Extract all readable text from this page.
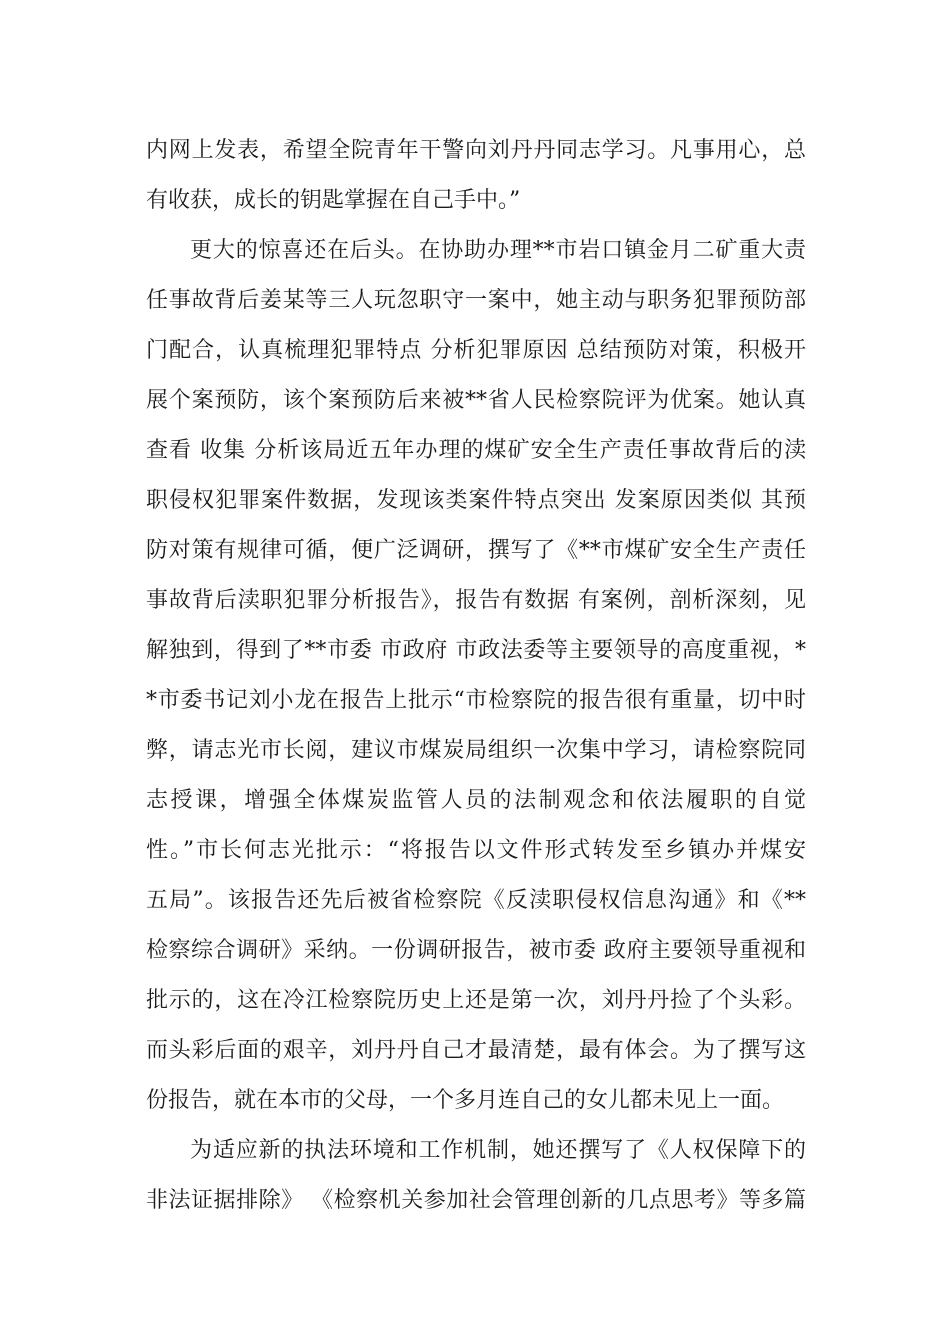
内网上发表，希望全院青年干警向刘丹丹同志学习。凡事用心，总
有收获，成长的钥匙掌握在自己手中。”
更大的惊喜还在后头。在协助办理**市岩口镇金月二矿重大责
任事故背后姜某等三人玩忽职守一案中，她主动与职务犯罪预防部
门配合，认真梳理犯罪特点 分析犯罪原因 总结预防对策，积极开
展个案预防，该个案预防后来被**省人民检察院评为优案。她认真
查看 收集 分析该局近五年办理的煤矿安全生产责任事故背后的渎
职侵权犯罪案件数据，发现该类案件特点突出 发案原因类似 其预
防对策有规律可循，便广泛调研，撰写了《**市煤矿安全生产责任
事故背后渎职犯罪分析报告》，报告有数据 有案例，剖析深刻，见
解独到，得到了**市委 市政府 市政法委等主要领导的高度重视，*
*市委书记刘小龙在报告上批示“市检察院的报告很有重量，切中时
弊，请志光市长阅，建议市煤炭局组织一次集中学习，请检察院同
志授课，增强全体煤炭监管人员的法制观念和依法履职的自觉
性。”市长何志光批示：“将报告以文件形式转发至乡镇办并煤安
五局”。该报告还先后被省检察院《反渎职侵权信息沟通》和《**
检察综合调研》采纳。一份调研报告，被市委 政府主要领导重视和
批示的，这在冷江检察院历史上还是第一次，刘丹丹捡了个头彩。
而头彩后面的艰辛，刘丹丹自己才最清楚，最有体会。为了撰写这
份报告，就在本市的父母，一个多月连自己的女儿都未见上一面。
为适应新的执法环境和工作机制，她还撰写了《人权保障下的
非法证据排除》 《检察机关参加社会管理创新的几点思考》等多篇
